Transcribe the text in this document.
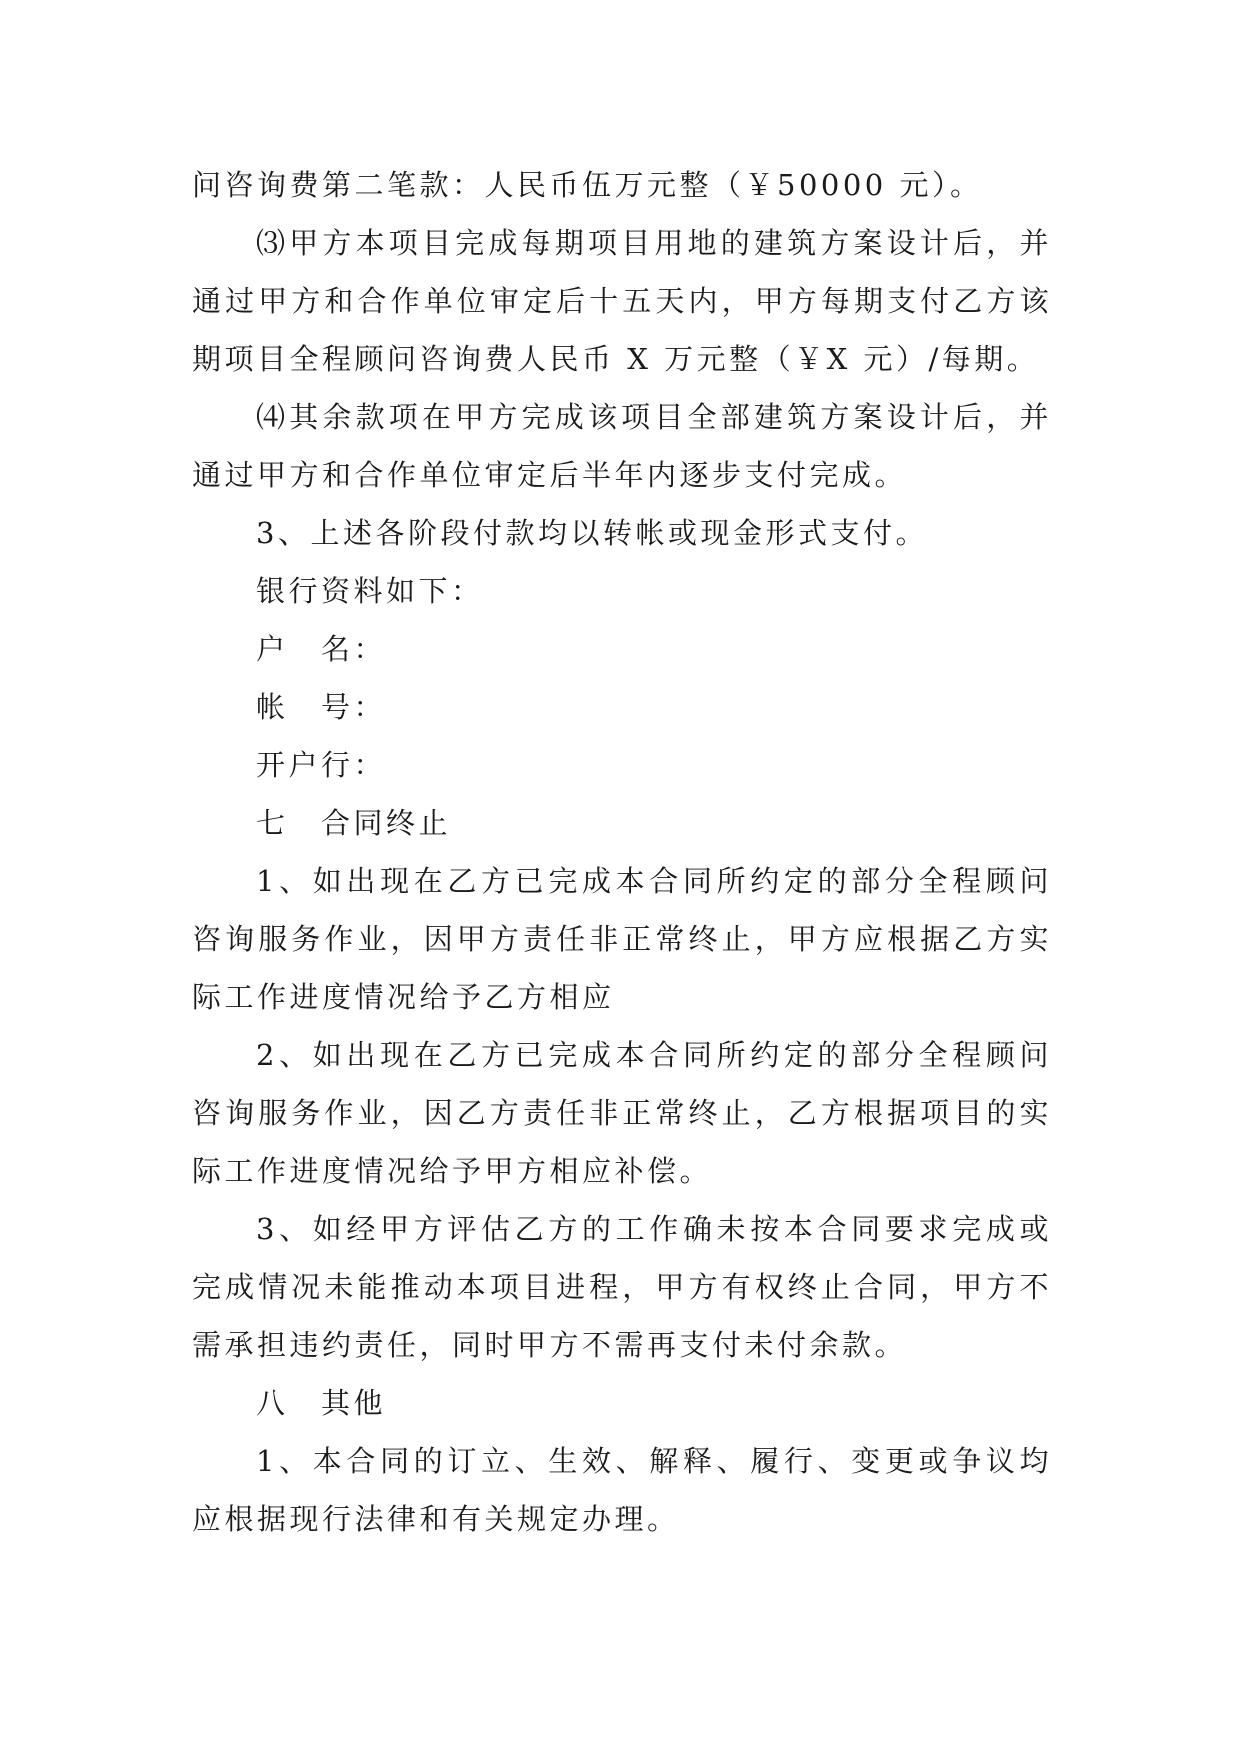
问咨询费第二笔款：人民币伍万元整（￥50000 元）。

⑶甲方本项目完成每期项目用地的建筑方案设计后，并通过甲方和合作单位审定后十五天内，甲方每期支付乙方该期项目全程顾问咨询费人民币 X 万元整（￥X 元）/每期。

⑷其余款项在甲方完成该项目全部建筑方案设计后，并通过甲方和合作单位审定后半年内逐步支付完成。

3、上述各阶段付款均以转帐或现金形式支付。

银行资料如下：

户　名：

帐　号：

开户行：

七　合同终止

1、如出现在乙方已完成本合同所约定的部分全程顾问咨询服务作业，因甲方责任非正常终止，甲方应根据乙方实际工作进度情况给予乙方相应

2、如出现在乙方已完成本合同所约定的部分全程顾问咨询服务作业，因乙方责任非正常终止，乙方根据项目的实际工作进度情况给予甲方相应补偿。

3、如经甲方评估乙方的工作确未按本合同要求完成或完成情况未能推动本项目进程，甲方有权终止合同，甲方不需承担违约责任，同时甲方不需再支付未付余款。

八　其他

1、本合同的订立、生效、解释、履行、变更或争议均应根据现行法律和有关规定办理。
